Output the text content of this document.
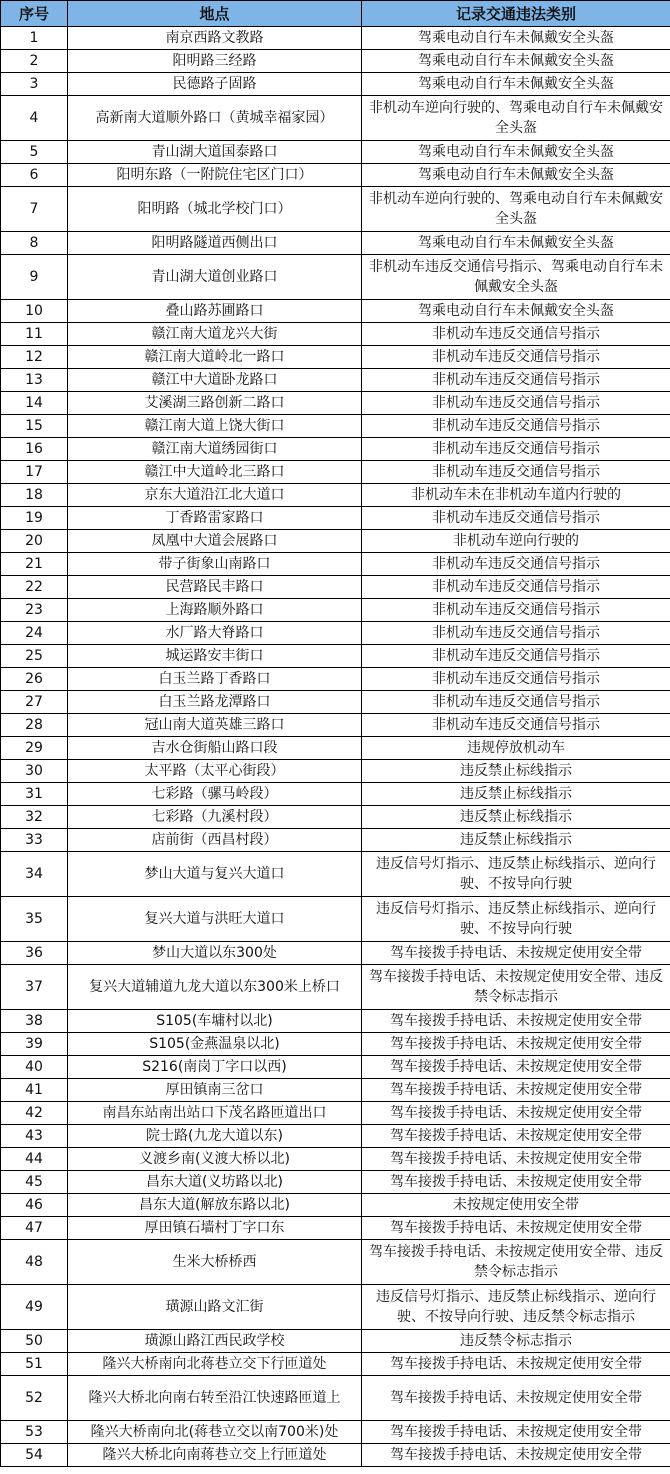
序号	地点	记录交通违法类别
1	南京西路文教路	驾乘电动自行车未佩戴安全头盔
2	阳明路三经路	驾乘电动自行车未佩戴安全头盔
3	民德路子固路	驾乘电动自行车未佩戴安全头盔
4	高新南大道顺外路口（黄城幸福家园）	非机动车逆向行驶的、驾乘电动自行车未佩戴安全头盔
5	青山湖大道国泰路口	驾乘电动自行车未佩戴安全头盔
6	阳明东路（一附院住宅区门口）	驾乘电动自行车未佩戴安全头盔
7	阳明路（城北学校门口）	非机动车逆向行驶的、驾乘电动自行车未佩戴安全头盔
8	阳明路隧道西侧出口	驾乘电动自行车未佩戴安全头盔
9	青山湖大道创业路口	非机动车违反交通信号指示、驾乘电动自行车未佩戴安全头盔
10	叠山路苏圃路口	驾乘电动自行车未佩戴安全头盔
11	赣江南大道龙兴大街	非机动车违反交通信号指示
12	赣江南大道岭北一路口	非机动车违反交通信号指示
13	赣江中大道卧龙路口	非机动车违反交通信号指示
14	艾溪湖三路创新二路口	非机动车违反交通信号指示
15	赣江南大道上饶大街口	非机动车违反交通信号指示
16	赣江南大道绣园街口	非机动车违反交通信号指示
17	赣江中大道岭北三路口	非机动车违反交通信号指示
18	京东大道沿江北大道口	非机动车未在非机动车道内行驶的
19	丁香路雷家路口	非机动车违反交通信号指示
20	凤凰中大道会展路口	非机动车逆向行驶的
21	带子街象山南路口	非机动车违反交通信号指示
22	民营路民丰路口	非机动车违反交通信号指示
23	上海路顺外路口	非机动车违反交通信号指示
24	水厂路大脊路口	非机动车违反交通信号指示
25	城运路安丰街口	非机动车违反交通信号指示
26	白玉兰路丁香路口	非机动车违反交通信号指示
27	白玉兰路龙潭路口	非机动车违反交通信号指示
28	冠山南大道英雄三路口	非机动车违反交通信号指示
29	吉水仓街船山路口段	违规停放机动车
30	太平路（太平心街段）	违反禁止标线指示
31	七彩路（骡马岭段）	违反禁止标线指示
32	七彩路（九溪村段）	违反禁止标线指示
33	店前街（西昌村段）	违反禁止标线指示
34	梦山大道与复兴大道口	违反信号灯指示、违反禁止标线指示、逆向行驶、不按导向行驶
35	复兴大道与洪旺大道口	违反信号灯指示、违反禁止标线指示、逆向行驶、不按导向行驶
36	梦山大道以东300处	驾车接拨手持电话、未按规定使用安全带
37	复兴大道辅道九龙大道以东300米上桥口	驾车接拨手持电话、未按规定使用安全带、违反禁令标志指示
38	S105(车墉村以北)	驾车接拨手持电话、未按规定使用安全带
39	S105(金燕温泉以北)	驾车接拨手持电话、未按规定使用安全带
40	S216(南岗丁字口以西)	驾车接拨手持电话、未按规定使用安全带
41	厚田镇南三岔口	驾车接拨手持电话、未按规定使用安全带
42	南昌东站南出站口下茂名路匝道出口	驾车接拨手持电话、未按规定使用安全带
43	院士路(九龙大道以东)	驾车接拨手持电话、未按规定使用安全带
44	义渡乡南(义渡大桥以北)	驾车接拨手持电话、未按规定使用安全带
45	昌东大道(义坊路以北)	驾车接拨手持电话、未按规定使用安全带
46	昌东大道(解放东路以北)	未按规定使用安全带
47	厚田镇石墙村丁字口东	驾车接拨手持电话、未按规定使用安全带
48	生米大桥桥西	驾车接拨手持电话、未按规定使用安全带、违反禁令标志指示
49	璜源山路文汇街	违反信号灯指示、违反禁止标线指示、逆向行驶、不按导向行驶、违反禁令标志指示
50	璜源山路江西民政学校	违反禁令标志指示
51	隆兴大桥南向北蒋巷立交下行匝道处	驾车接拨手持电话、未按规定使用安全带
52	隆兴大桥北向南右转至沿江快速路匝道上	驾车接拨手持电话、未按规定使用安全带
53	隆兴大桥南向北(蒋巷立交以南700米)处	驾车接拨手持电话、未按规定使用安全带
54	隆兴大桥北向南蒋巷立交上行匝道处	驾车接拨手持电话、未按规定使用安全带
